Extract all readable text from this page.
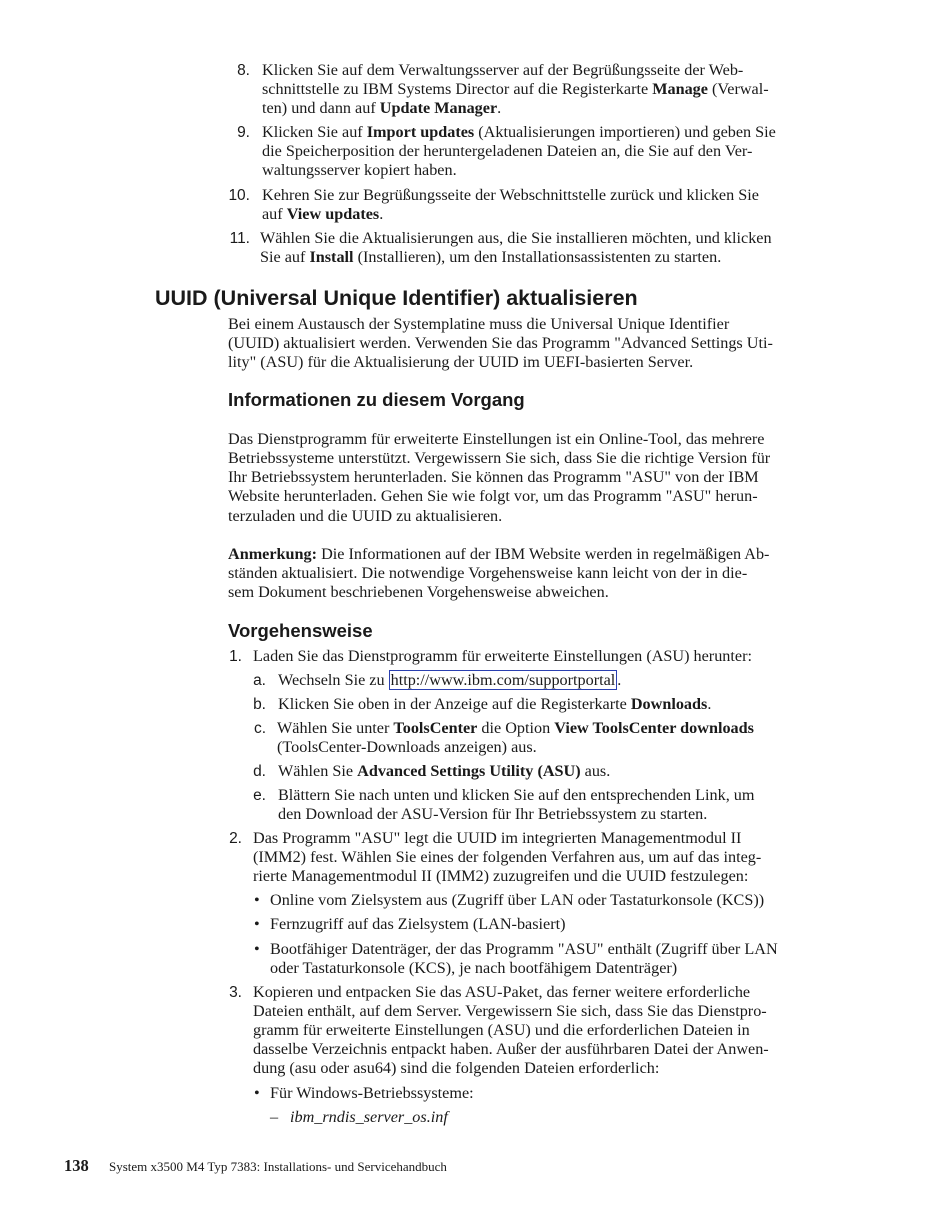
8. Klicken Sie auf dem Verwaltungsserver auf der Begrüßungsseite der Web-
schnittstelle zu IBM Systems Director auf die Registerkarte Manage (Verwal-
ten) und dann auf Update Manager.
9. Klicken Sie auf Import updates (Aktualisierungen importieren) und geben Sie
die Speicherposition der heruntergeladenen Dateien an, die Sie auf den Ver-
waltungsserver kopiert haben.
10. Kehren Sie zur Begrüßungsseite der Webschnittstelle zurück und klicken Sie
auf View updates.
11. Wählen Sie die Aktualisierungen aus, die Sie installieren möchten, und klicken
Sie auf Install (Installieren), um den Installationsassistenten zu starten.
UUID (Universal Unique Identifier) aktualisieren
Bei einem Austausch der Systemplatine muss die Universal Unique Identifier
(UUID) aktualisiert werden. Verwenden Sie das Programm "Advanced Settings Uti-
lity" (ASU) für die Aktualisierung der UUID im UEFI-basierten Server.
Informationen zu diesem Vorgang
Das Dienstprogramm für erweiterte Einstellungen ist ein Online-Tool, das mehrere
Betriebssysteme unterstützt. Vergewissern Sie sich, dass Sie die richtige Version für
Ihr Betriebssystem herunterladen. Sie können das Programm "ASU" von der IBM
Website herunterladen. Gehen Sie wie folgt vor, um das Programm "ASU" herun-
terzuladen und die UUID zu aktualisieren.
Anmerkung: Die Informationen auf der IBM Website werden in regelmäßigen Ab-
ständen aktualisiert. Die notwendige Vorgehensweise kann leicht von der in die-
sem Dokument beschriebenen Vorgehensweise abweichen.
Vorgehensweise
1. Laden Sie das Dienstprogramm für erweiterte Einstellungen (ASU) herunter:
a. Wechseln Sie zu http://www.ibm.com/supportportal .
b. Klicken Sie oben in der Anzeige auf die Registerkarte Downloads.
c. Wählen Sie unter ToolsCenter die Option View ToolsCenter downloads
(ToolsCenter-Downloads anzeigen) aus.
d. Wählen Sie Advanced Settings Utility (ASU) aus.
e. Blättern Sie nach unten und klicken Sie auf den entsprechenden Link, um
den Download der ASU-Version für Ihr Betriebssystem zu starten.
2. Das Programm "ASU" legt die UUID im integrierten Managementmodul II
(IMM2) fest. Wählen Sie eines der folgenden Verfahren aus, um auf das integ-
rierte Managementmodul II (IMM2) zuzugreifen und die UUID festzulegen:
• Online vom Zielsystem aus (Zugriff über LAN oder Tastaturkonsole (KCS))
• Fernzugriff auf das Zielsystem (LAN-basiert)
• Bootfähiger Datenträger, der das Programm "ASU" enthält (Zugriff über LAN
oder Tastaturkonsole (KCS), je nach bootfähigem Datenträger)
3. Kopieren und entpacken Sie das ASU-Paket, das ferner weitere erforderliche
Dateien enthält, auf dem Server. Vergewissern Sie sich, dass Sie das Dienstpro-
gramm für erweiterte Einstellungen (ASU) und die erforderlichen Dateien in
dasselbe Verzeichnis entpackt haben. Außer der ausführbaren Datei der Anwen-
dung (asu oder asu64) sind die folgenden Dateien erforderlich:
• Für Windows-Betriebssysteme:
– ibm_rndis_server_os.inf
138 System x3500 M4 Typ 7383: Installations- und Servicehandbuch
